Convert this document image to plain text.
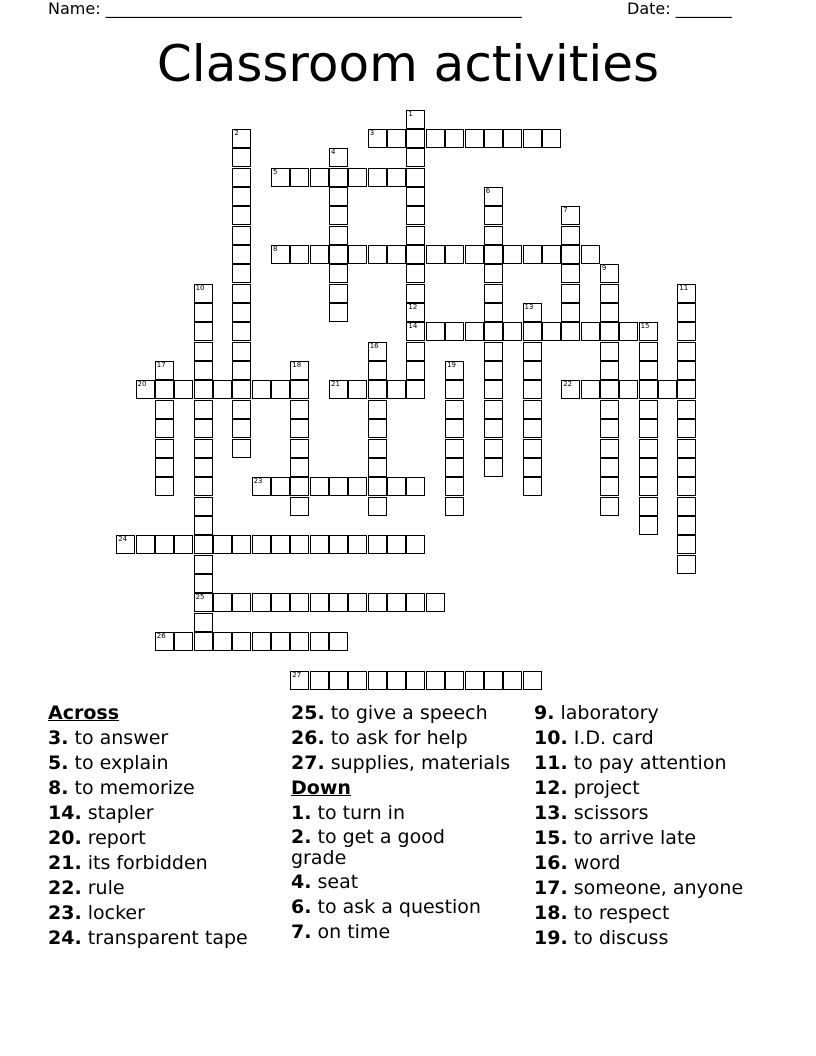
Name: ____________________________________________________	Date: _______
Classroom activities
3
5
8
14
20	21	22
23
24
25
26
27
1
12
2
4
6
7
9
10	11
13
15
16
17	18	19
Across
3. to answer
5. to explain
8. to memorize
14. stapler
20. report
21. its forbidden
22. rule
23. locker
24. transparent tape
25. to give a speech
26. to ask for help
27. supplies, materials
Down
1. to turn in
2. to get a good grade
4. seat
6. to ask a question
7. on time
9. laboratory
10. I.D. card
11. to pay attention
12. project
13. scissors
15. to arrive late
16. word
17. someone, anyone
18. to respect
19. to discuss
